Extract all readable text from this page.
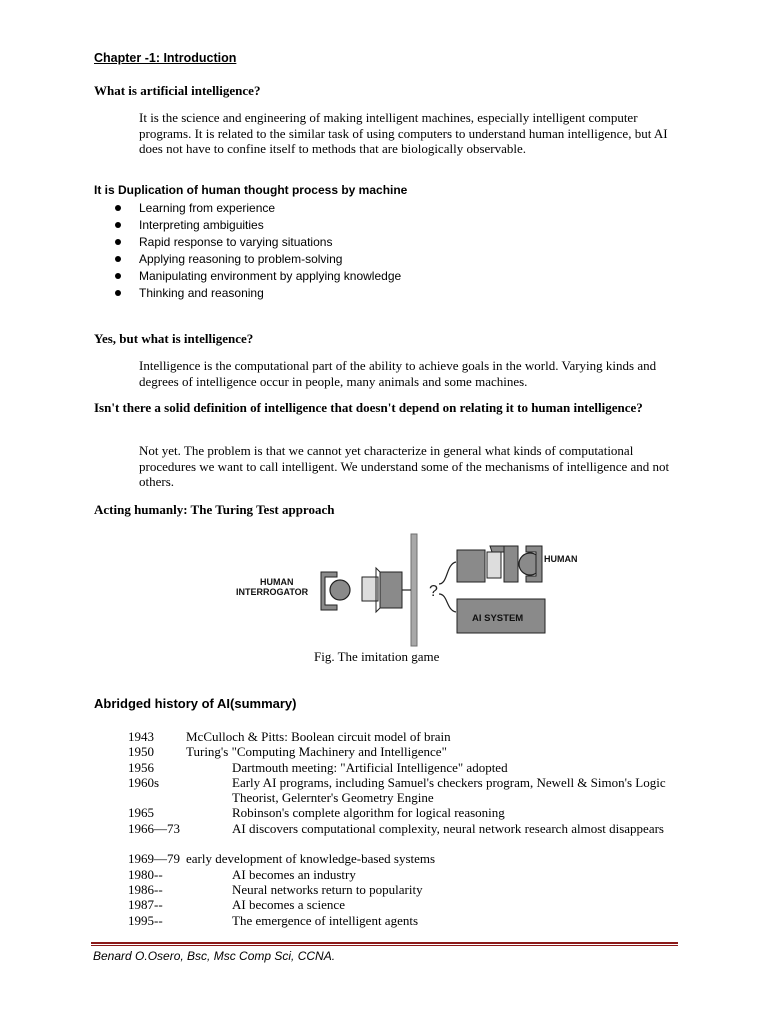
Chapter -1: Introduction
What is artificial intelligence?
It is the science and engineering of making intelligent machines, especially intelligent computer programs. It is related to the similar task of using computers to understand human intelligence, but AI does not have to confine itself to methods that are biologically observable.
It is Duplication of human thought process by machine
Learning from experience
Interpreting ambiguities
Rapid response to varying situations
Applying reasoning to problem-solving
Manipulating environment by applying knowledge
Thinking and reasoning
Yes, but what is intelligence?
Intelligence is the computational part of the ability to achieve goals in the world. Varying kinds and degrees of intelligence occur in people, many animals and some machines.
Isn't there a solid definition of intelligence that doesn't depend on relating it to human intelligence?
Not yet. The problem is that we cannot yet characterize in general what kinds of computational procedures we want to call intelligent. We understand some of the mechanisms of intelligence and not others.
Acting humanly: The Turing Test approach
?
AI SYSTEM
HUMAN
HUMAN
INTERROGATOR
Fig. The imitation game
Abridged history of AI(summary)
1943 McCulloch & Pitts: Boolean circuit model of brain
1950 Turing's "Computing Machinery and Intelligence"
1956	Dartmouth meeting: "Artificial Intelligence" adopted
1960s	Early AI programs, including Samuel's checkers program, Newell & Simon's Logic Theorist, Gelernter's Geometry Engine
1965	Robinson's complete algorithm for logical reasoning
1966—73	AI discovers computational complexity, neural network research almost disappears
1969—79 early development of knowledge-based systems
1980--	AI becomes an industry
1986--	Neural networks return to popularity
1987--	AI becomes a science
1995--	The emergence of intelligent agents
Benard O.Osero, Bsc, Msc Comp Sci, CCNA.
